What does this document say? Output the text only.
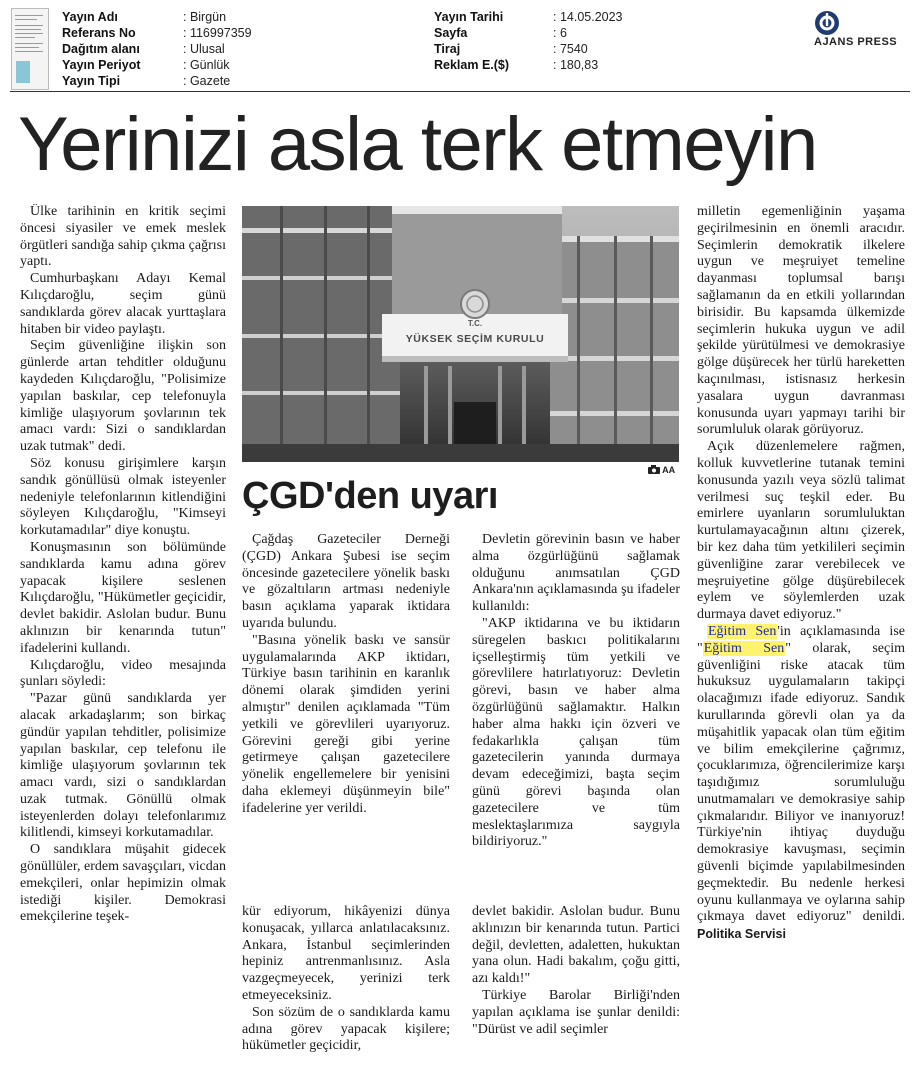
Yayın Adı	: Birgün
Referans No	: 116997359
Dağıtım alanı	: Ulusal
Yayın Periyot	: Günlük
Yayın Tipi	: Gazete
Yayın Tarihi	: 14.05.2023
Sayfa	: 6
Tiraj	: 7540
Reklam E.($)	: 180,83
AJANS PRESS
Yerinizi asla terk etmeyin

Ülke tarihinin en kritik seçimi öncesi siyasiler ve emek meslek örgütleri sandığa sahip çıkma çağrısı yaptı.

Cumhurbaşkanı Adayı Kemal Kılıçdaroğlu, seçim günü sandıklarda görev alacak yurttaşlara hitaben bir video paylaştı.

Seçim güvenliğine ilişkin son günlerde artan tehditler olduğunu kaydeden Kılıçdaroğlu, "Polisimize yapılan baskılar, cep telefonuyla kimliğe ulaşıyorum şovlarının tek amacı vardı: Sizi o sandıklardan uzak tutmak" dedi.

Söz konusu girişimlere karşın sandık gönüllüsü olmak isteyenler nedeniyle telefonlarının kitlendiğini söyleyen Kılıçdaroğlu, "Kimseyi korkutamadılar" diye konuştu.

Konuşmasının son bölümünde sandıklarda kamu adına görev yapacak kişilere seslenen Kılıçdaroğlu, "Hükümetler geçicidir, devlet bakidir. Aslolan budur. Bunu aklınızın bir kenarında tutun" ifadelerini kullandı.

Kılıçdaroğlu, video mesajında şunları söyledi:

"Pazar günü sandıklarda yer alacak arkadaşlarım; son birkaç gündür yapılan tehditler, polisimize yapılan baskılar, cep telefonu ile kimliğe ulaşıyorum şovlarının tek amacı vardı, sizi o sandıklardan uzak tutmak. Gönüllü olmak isteyenlerden dolayı telefonlarımız kilitlendi, kimseyi korkutamadılar.

O sandıklara müşahit gidecek gönüllüler, erdem savaşçıları, vicdan emekçileri, onlar hepimizin olmak istediği kişiler. Demokrasi emekçilerine teşek-

T.C.
YÜKSEK SEÇİM KURULU
AA
ÇGD'den uyarı

Çağdaş Gazeteciler Derneği (ÇGD) Ankara Şubesi ise seçim öncesinde gazetecilere yönelik baskı ve gözaltıların artması nedeniyle basın açıklama yaparak iktidara uyarıda bulundu.

"Basına yönelik baskı ve sansür uygulamalarında AKP iktidarı, Türkiye basın tarihinin en karanlık dönemi olarak şimdiden yerini almıştır" denilen açıklamada "Tüm yetkili ve görevlileri uyarıyoruz. Görevini gereği gibi yerine getirmeye çalışan gazetecilere yönelik engellemelere bir yenisini daha eklemeyi düşünmeyin bile" ifadelerine yer verildi.

Devletin görevinin basın ve haber alma özgürlüğünü sağlamak olduğunu anımsatılan ÇGD Ankara'nın açıklamasında şu ifadeler kullanıldı:

"AKP iktidarına ve bu iktidarın süregelen baskıcı politikalarını içselleştirmiş tüm yetkili ve görevlilere hatırlatıyoruz: Devletin görevi, basın ve haber alma özgürlüğünü sağlamaktır. Halkın haber alma hakkı için özveri ve fedakarlıkla çalışan tüm gazetecilerin yanında durmaya devam edeceğimizi, başta seçim günü görevi başında olan gazetecilere ve tüm meslektaşlarımıza saygıyla bildiriyoruz."

kür ediyorum, hikâyenizi dünya konuşacak, yıllarca anlatılacaksınız. Ankara, İstanbul seçimlerinden hepiniz antrenmanlısınız. Asla vazgeçmeyecek, yerinizi terk etmeyeceksiniz.

Son sözüm de o sandıklarda kamu adına görev yapacak kişilere; hükümetler geçicidir,

devlet bakidir. Aslolan budur. Bunu aklınızın bir kenarında tutun. Partici değil, devletten, adaletten, hukuktan yana olun. Hadi bakalım, çoğu gitti, azı kaldı!"

Türkiye Barolar Birliği'nden yapılan açıklama ise şunlar denildi: "Dürüst ve adil seçimler

milletin egemenliğinin yaşama geçirilmesinin en önemli aracıdır. Seçimlerin demokratik ilkelere uygun ve meşruiyet temeline dayanması toplumsal barışı sağlamanın da en etkili yollarından birisidir. Bu kapsamda ülkemizde seçimlerin hukuka uygun ve adil şekilde yürütülmesi ve demokrasiye gölge düşürecek her türlü hareketten kaçınılması, istisnasız herkesin yasalara uygun davranması konusunda uyarı yapmayı tarihi bir sorumluluk olarak görüyoruz.

Açık düzenlemelere rağmen, kolluk kuvvetlerine tutanak temini konusunda yazılı veya sözlü talimat verilmesi suç teşkil eder. Bu emirlere uyanların sorumluluktan kurtulamayacağının altını çizerek, bir kez daha tüm yetkilileri seçimin güvenliğine zarar verebilecek ve meşruiyetine gölge düşürebilecek eylem ve söylemlerden uzak durmaya davet ediyoruz."

Eğitim Sen'in açıklamasında ise "Eğitim Sen" olarak, seçim güvenliğini riske atacak tüm hukuksuz uygulamaların takipçi olacağımızı ifade ediyoruz. Sandık kurullarında görevli olan ya da müşahitlik yapacak olan tüm eğitim ve bilim emekçilerine çağrımız, çocuklarımıza, öğrencilerimize karşı taşıdığımız sorumluluğu unutmamaları ve demokrasiye sahip çıkmalarıdır. Biliyor ve inanıyoruz! Türkiye'nin ihtiyaç duyduğu demokrasiye kavuşması, seçimin güvenli biçimde yapılabilmesinden geçmektedir. Bu nedenle herkesi oyunu kullanmaya ve oylarına sahip çıkmaya davet ediyoruz" denildi. Politika Servisi
